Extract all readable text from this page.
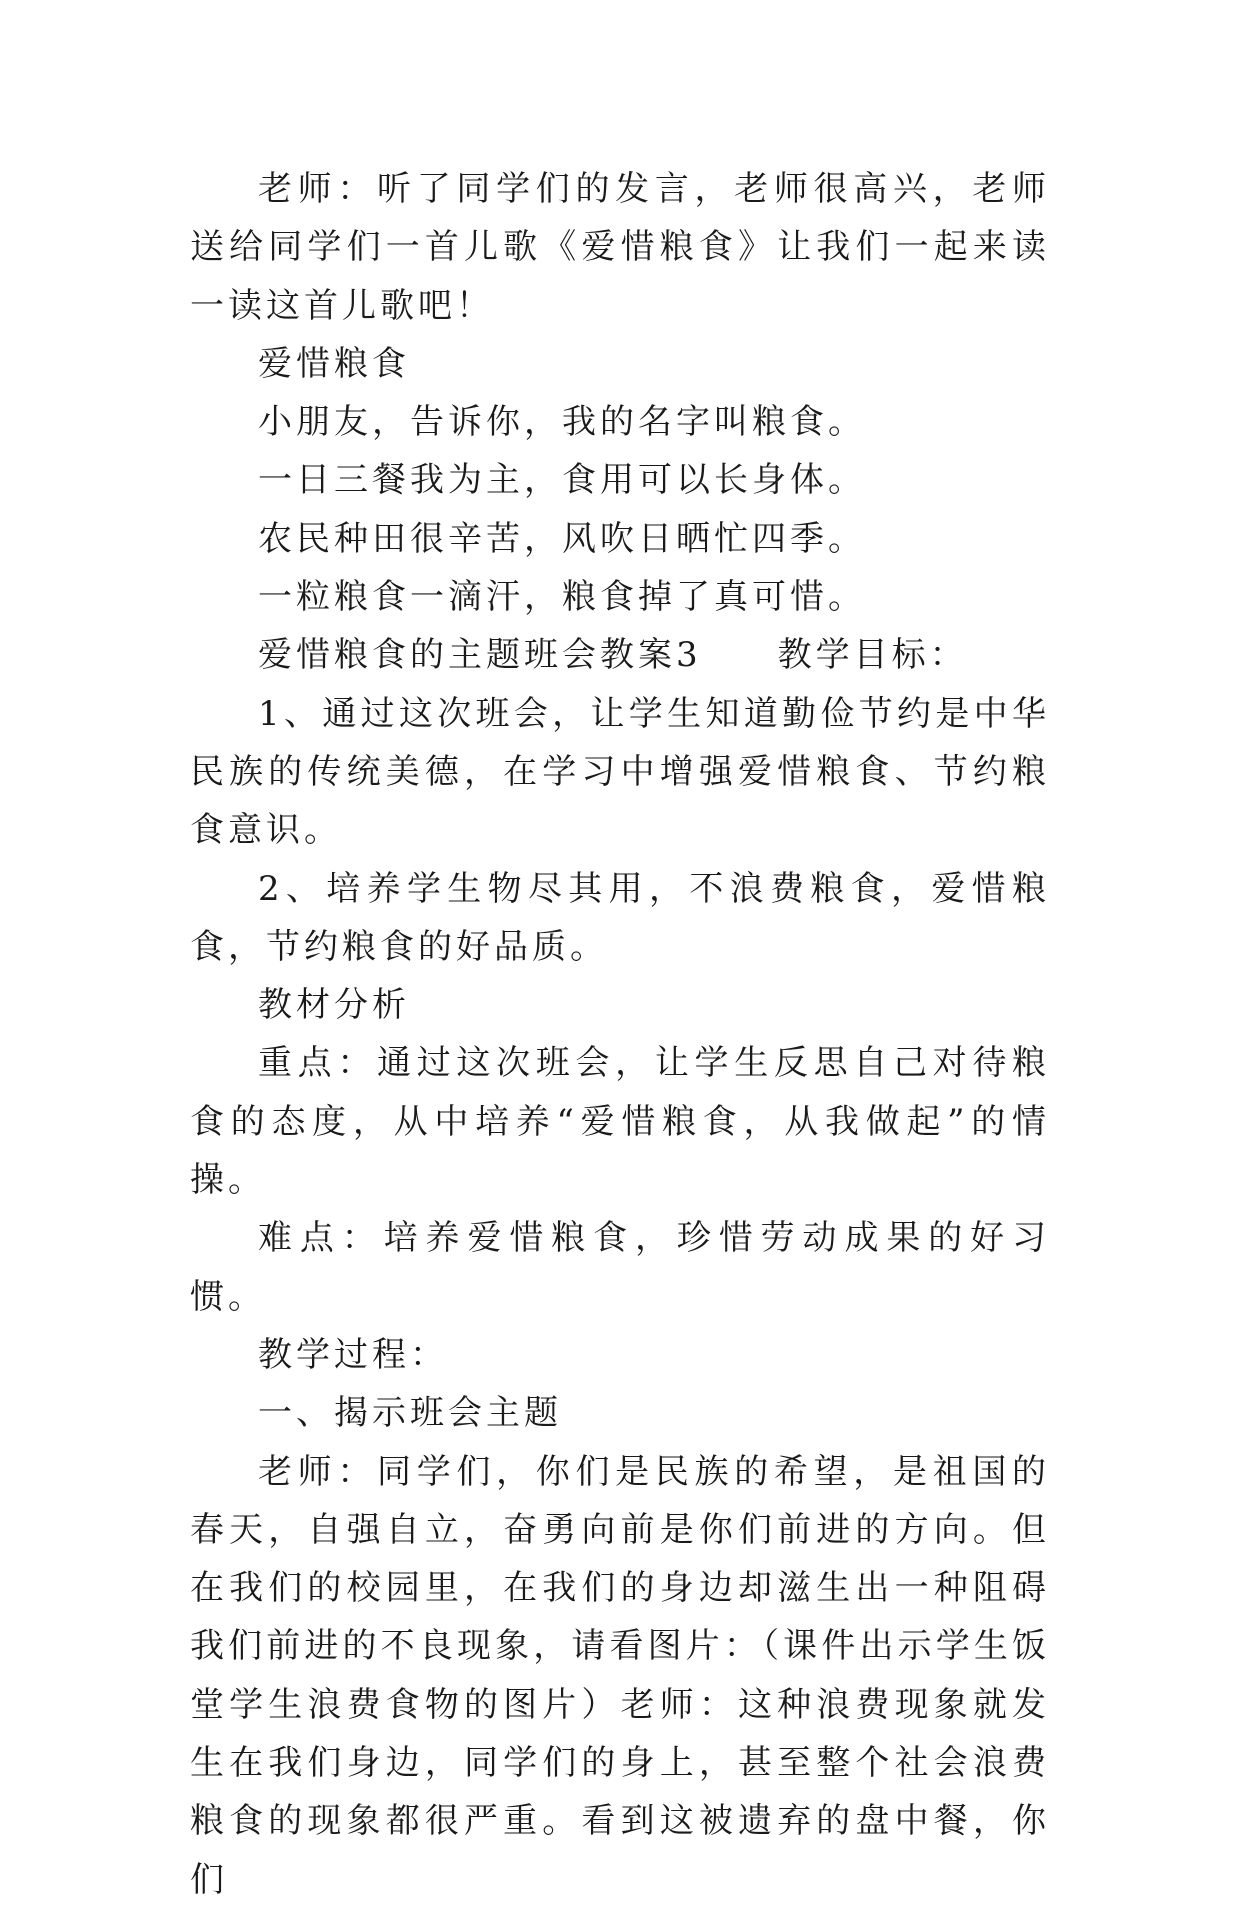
老师：听了同学们的发言，老师很高兴，老师送给同学们一首儿歌《爱惜粮食》让我们一起来读一读这首儿歌吧！

爱惜粮食

小朋友，告诉你，我的名字叫粮食。

一日三餐我为主，食用可以长身体。

农民种田很辛苦，风吹日晒忙四季。

一粒粮食一滴汗，粮食掉了真可惜。

爱惜粮食的主题班会教案3　　教学目标：

1、通过这次班会，让学生知道勤俭节约是中华民族的传统美德，在学习中增强爱惜粮食、节约粮食意识。

2、培养学生物尽其用，不浪费粮食，爱惜粮食，节约粮食的好品质。

教材分析

重点：通过这次班会，让学生反思自己对待粮食的态度，从中培养“爱惜粮食，从我做起”的情操。

难点：培养爱惜粮食，珍惜劳动成果的好习惯。

教学过程：

一、揭示班会主题

老师：同学们，你们是民族的希望，是祖国的春天，自强自立，奋勇向前是你们前进的方向。但在我们的校园里，在我们的身边却滋生出一种阻碍我们前进的不良现象，请看图片：（课件出示学生饭堂学生浪费食物的图片）老师：这种浪费现象就发生在我们身边，同学们的身上，甚至整个社会浪费粮食的现象都很严重。看到这被遗弃的盘中餐，你们
